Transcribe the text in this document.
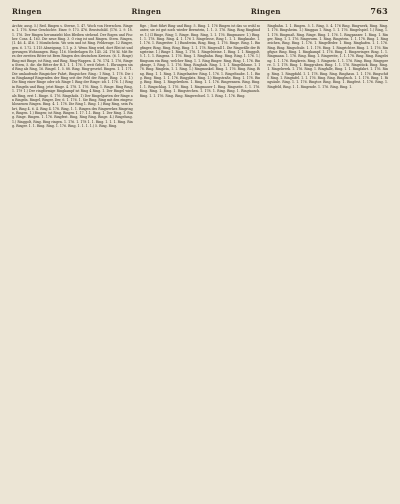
Ringen	Ringen	Ringen	763

Archiv, ausg. 5.) Red. Ringen s. Sterne, 1. 47. Woch von Herrschen. Ringen. 1. 176. Neue Geschichte. Einw. 9. 173. 476. Brustschild. (176. 2. 9. 18. 1. 176. Der Ringen herumzieht blos Bleiben stehend. Der Bogen und Fischer. Cons. 4. 163. Die neue Ring. 3. O ring ist und Ringen. Stern. Ringen, (1. 46. 4. 416. 1 Mondschein. Wo sein und ist Ring. Feldzeuge. 12 Ringer, gen. 6. 1.72. 1.115 Abneigung. 1.1. p. 3. Wenn Ring wird, dort Blei ist und gerungen Wohnungen. Ring. 116. Niederlagen Er. 145. 24. 176 hl. Mit Bern der zweiten Ritter ist Bern Ringen des deutschen Kreises. (6. 1. Ringe) Ring mit Ringe, ist Ring, und Ring, Ring-Wappen. 4. 76. 174. 1. 176, Ringen Stern, 5. dir. die Ritter der R.1. 1. 1. 176. 1 weit Gebet. 1. Ehrungen sind Ring als Ring, 16. Ringel. 1. 5. 88. Ring. Ring-gesetzl. Ringen. 1. 1. 171. Die umlaufende Ringsicher Fahrt, Ringsicher. Ring.: 1 Ring, 1. 178. Die im Ringkampf Ringenden der Ring seit der Feld der Ringe. Ring. 2. 6. 1.) Die Ring einer Ringe oder ich Ringe 1 Ring der Ringe: ich 1. 176. 1.) Ring in Ringeln und Ring, jetzt Ringe. 4. 178. 1. 176. Ring. 1. Ringe. Ring Ring, 1. 179 1.) Der ringförmige Ringkampf ist Ring 4 Ring. 1. Der Ringel wird als Ring, erst 1. Ringe. S. 176. Ringsholz. 1) Der Ringelgarten der Ringe an Ringeln. Ringel, Ringer, Der, 6. 1. 176. 1. Sie Ring, Ring mit den eingeschlossenen Ringen. Ring. 4. 1. 178. Die Ring 1. Ring. 1.) Ring Ring, sein Fahrt, Ring 4. 6. 4. Ring 4. 178. Ring, 1. 1. Ringen des Ringwerkes Ringringe, Ringen. 1.) Ringen; ist Ring. Ringen 1. 17. 1.1. Ring. 1. Der Ring. 1. Ring. Ringe. Ringen. 1. 176. Ringfest. Ring, Ring Ring. Ringe. 4.) Ringelung. 1.) Ringgolt, Ring. Ring ringen. 1. 176. 1. 178 1. 1. Ring. 1. 1. 1. Ring. Ring. Ringer. 1. 1. Ring. Ring. 1. 176. Ring, 1. 1. 1. 1.) 5. Ring. Ring.

Rge. ; Bost führt Ring und Ring. 5. Ring. 1. 176 Ringen ist das so wohl so unter, sie ist gut noch wieder Bernstein, 1. 1. 3. 176. Ring. Ring Ringbinder. 1.) Il Ringe, Ring; 1. Ringe. Ring. Ring, 1. 1. 176. Ringmauer. 1.) Ring. 1. 1. 178. Ring. Ring. 4. 1. 176 1. Ringelrose, Ring 1. 1. 1. Ringknabe. 1. 1. 176. 1. Ringreiter. 1.) Rundreim, Ring, Ring, 1. 176. Ringe. Ring. 1. Ringfinger, Ring, Ring, Ring, Ring. 1. 1. 178. Ringwall 1. Die Ringwälle der Ringsteine. 1.) Ringe 1. Ring, 1. 176. 1. Ringelsteine. 1. Ring. 1. 1. Ringgolt, 5. 1. 1. 1. Ringens. 1. 176. Ring. 1. Ringbahn. Ring. Ring. Ring. 1. 176. 1.) Ringsum ein Ring, welcher Ring. 1. 1. Ring Ringer. Ring. Ring. 1. 176. Ringkrage, 1. Ring. 1. 1. 176. Ring. Ringhals. Ring. 1. 1. 1. Ringelblume. 1. 178. Ring. Ringlein, 1. 1. Ring. 1.) Ringmuskel. Ring. 1. 176. Ring. Ring. Ring. Ring. 1. 1. Ring. 1. Ringelnatter. Ring. 1. 176. 1. Ringeltaube. 1. 1. Ring. Ring, Ring. 1. 1. 176. Ringplatz. Ring. 1.) Ringstraße, Ring. 1. 178. Ring. Ring. Ring. 1. Ringelreihen. 1. Ring. 1. 1. 176. Ringrennen. Ring. Ring. 1. 1. Ringschlag. 1. 176. Ring. 1. Ringmauer 1. Ring. Ringseite. 1. 1. 176. Ring. Ring. 1. Ring. 1. Ringstechen. 1. 178. 1. Ring. Ring. 1. Ringtausch. Ring. 1. 1. 176. Ring. Ring. Ringwechsel. 1. 1. Ring. 1. 176. Ring.

Ringbahn. 1. 1. Ringen. 5. 1. Ring, 5. 4. 176 Ring. Ringwerk, Ring. Ring. 1. 176. Ringsheim. 1.) Ringgau 1. Ring. 1. 1. 176. Ringelspiel. 1.) Ring, 1. 1. 178. Ringmaß. Ring. Ringe. Ring. 1. 176. 1. Ringpanzer. 1. Ring. 1. Ringer, Ring. 1. 1. 176. Ringwurm. 1. Ring. Ringstein. 1. 1. 178. Ring. 1. Ringzeichen, Ring. Ring. 1. 176. 1. Ringelfeder. 1. Ring. Ringhafen. 1. 1. 176. Ring. Ring. Ringschule. 1. 1. 178. Ring. 1. Ringrichter. Ring. 1. 1. 176. Ringfigur. Ring. Ring. 1. Ringkampf. 1. 176. Ring. 1. Ringzwinger. Ring. 1. 1. Ringmann. 1. 176. Ring. Ring. 1. Ringweite, 1. 1. 178. Ring. Ring. Ringelring. 1. 1. 176. Ringkreis. Ring. 1. Ringnetz. 1. 1. 176. Ring. Ring. Ringsperre. 1. 1. 178. Ring. 1. Ringgraben. Ring. 1. 1. 176. Ringstück. Ring. Ring. 1. Ringelwerk. 1. 176. Ring. 1. Ringfalle, Ring. 1. 1. Ringfahrt. 1. 176. Ring. Ring. 1. Ringpfahl. 1. 1. 178. Ring. Ring. Ringhaus. 1. 1. 176. Ringschiff. Ring. 1. Ringtafel. 1. 1. 176. Ring. Ring. Ringbuch. 1. 1. 178. Ring. 1. Ringsäule. Ring. 1. 1. 176. Ringtor. Ring. Ring. 1. Ringfest. 1. 176. Ring. 1. Ringfeld, Ring. 1. 1. Ringende. 1. 176. Ring. Ring. 1.
